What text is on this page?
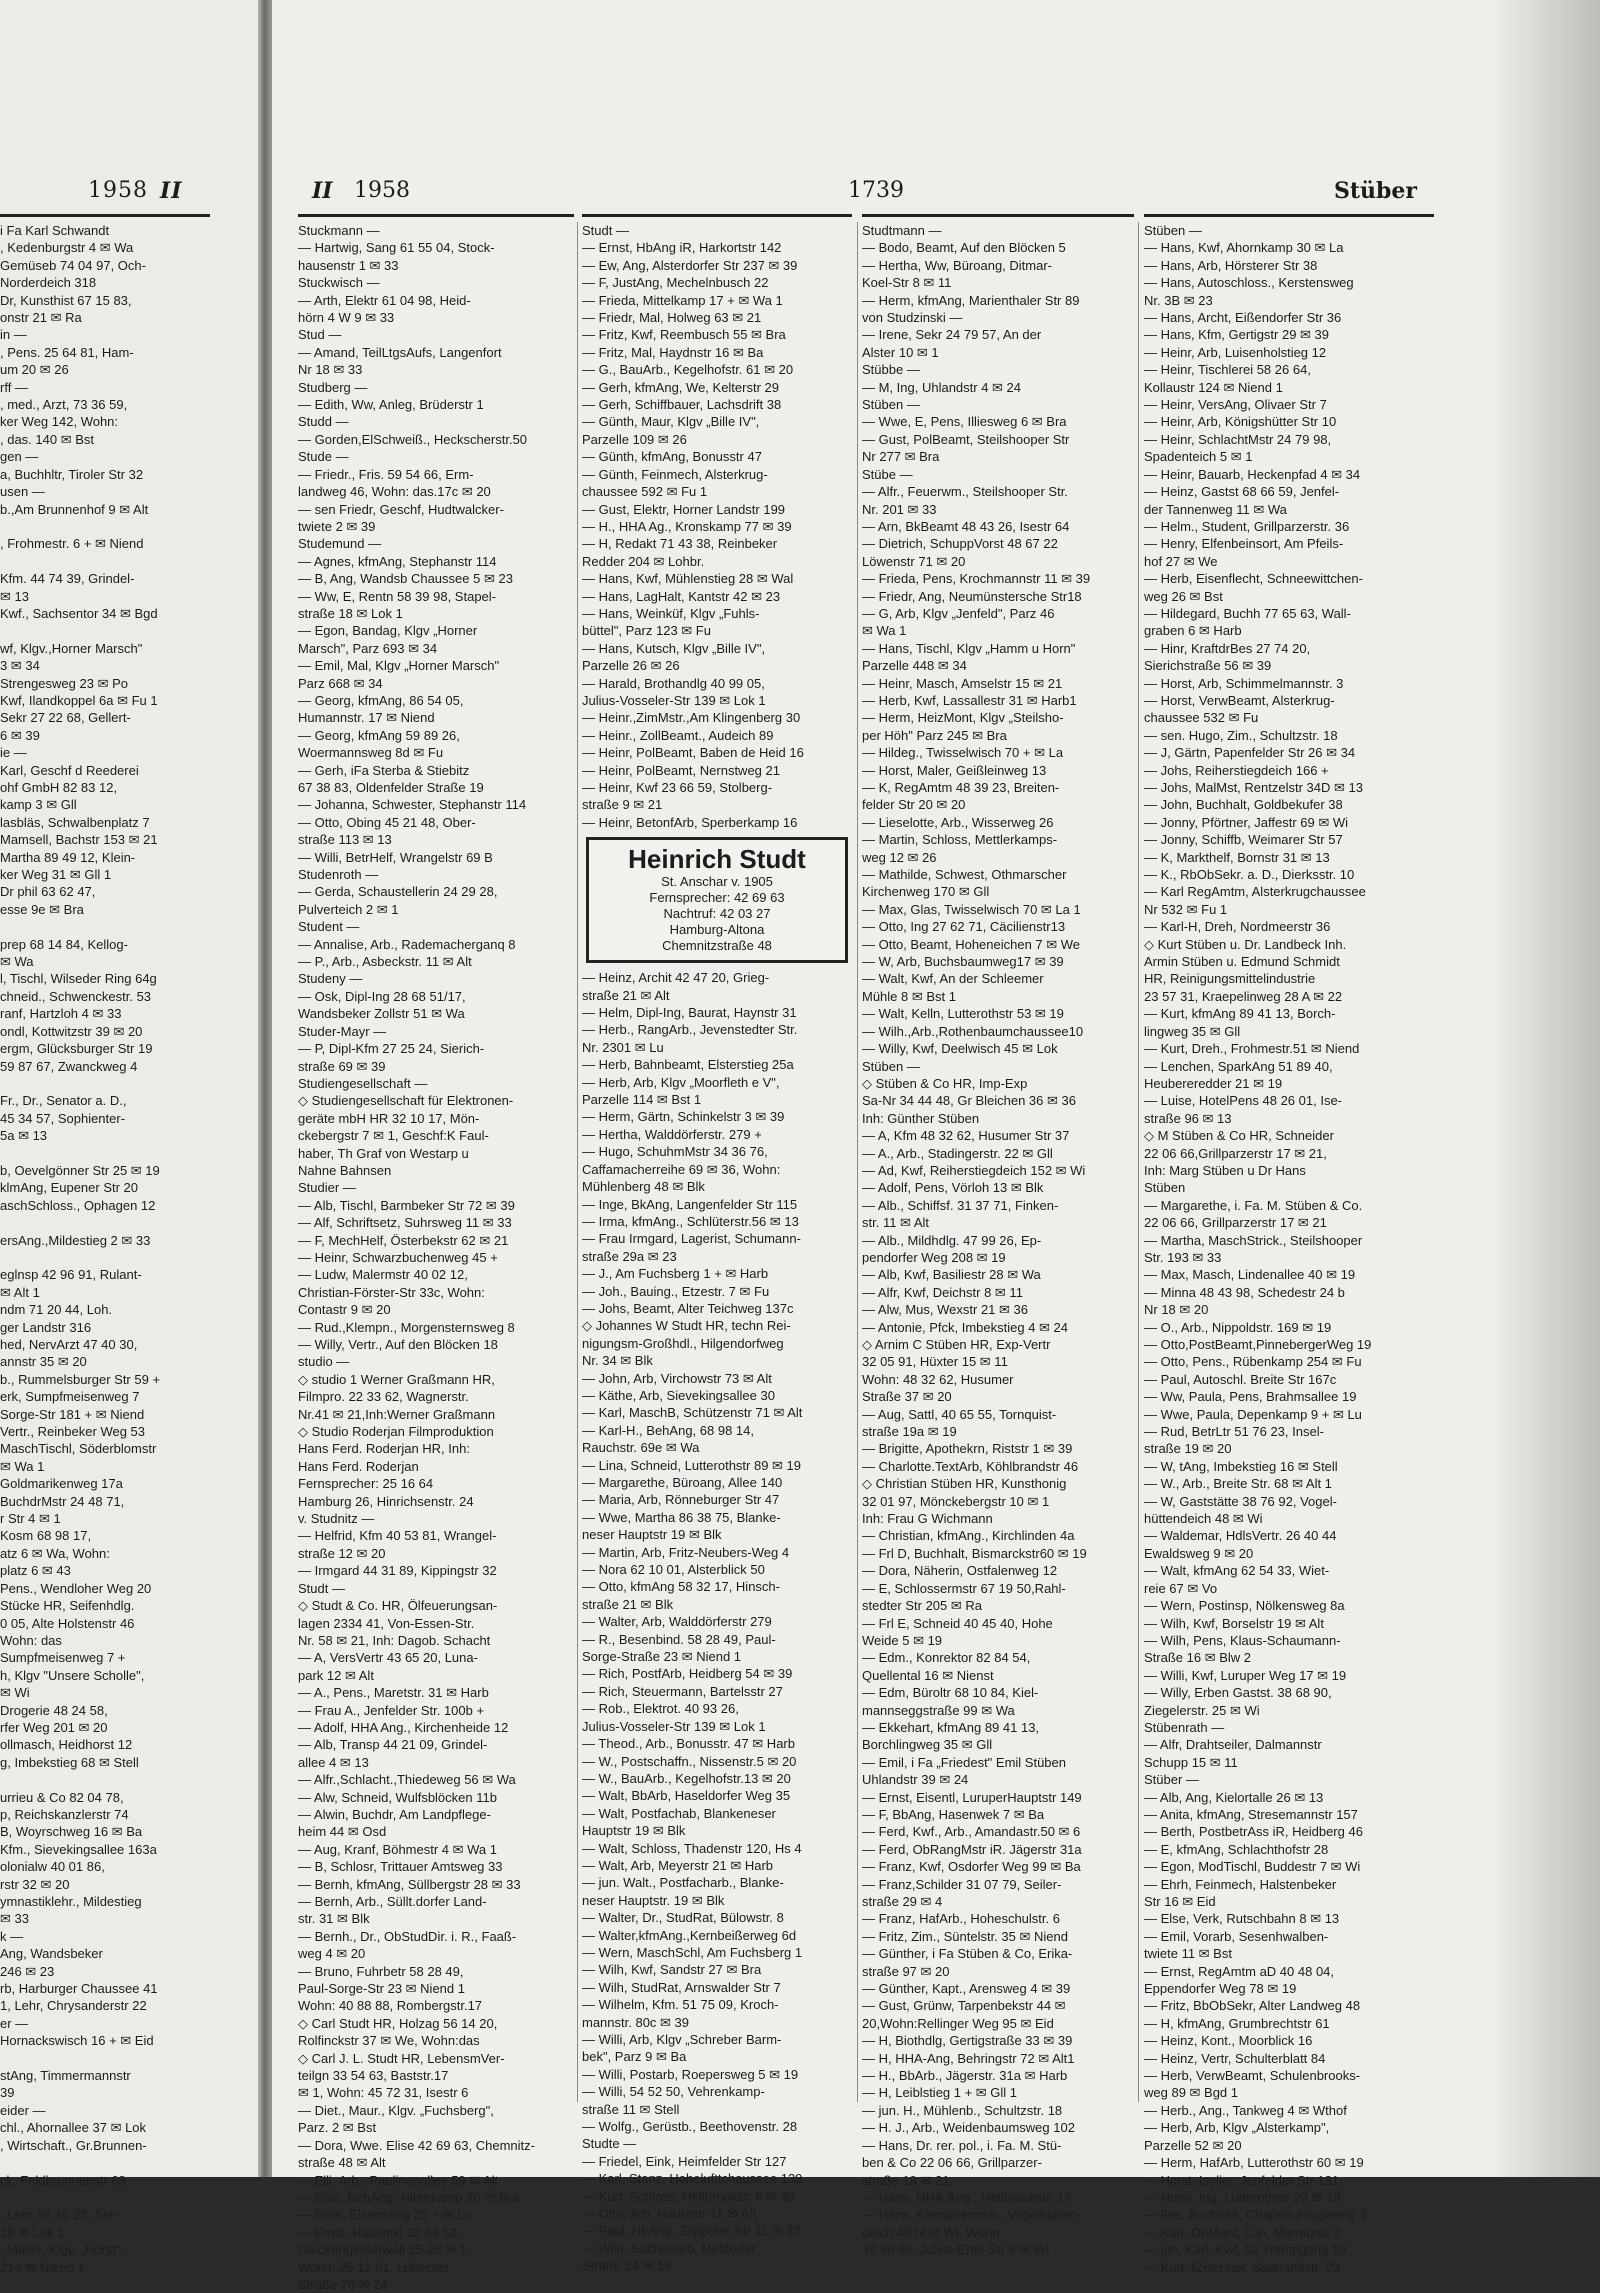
1958 II
i Fa Karl Schwandt
, Kedenburgstr 4 ✉ Wa
Gemüseb 74 04 97, Och-
Norderdeich 318
Dr, Kunsthist 67 15 83,
onstr 21 ✉ Ra
in —
, Pens. 25 64 81, Ham-
um 20 ✉ 26
rff —
, med., Arzt, 73 36 59,
ker Weg 142, Wohn:
, das. 140 ✉ Bst
gen —
a, Buchhltr, Tiroler Str 32
usen —
b.,Am Brunnenhof 9 ✉ Alt

, Frohmestr. 6 + ✉ Niend

Kfm. 44 74 39, Grindel-
✉ 13
Kwf., Sachsentor 34 ✉ Bgd

wf, Klgv.,Horner Marsch"
3 ✉ 34
Strengesweg 23 ✉ Po
Kwf, Ilandkoppel 6a ✉ Fu 1
Sekr 27 22 68, Gellert-
6 ✉ 39
ie —
Karl, Geschf d Reederei
ohf GmbH 82 83 12,
kamp 3 ✉ Gll
lasbläs, Schwalbenplatz 7
Mamsell, Bachstr 153 ✉ 21
Martha 89 49 12, Klein-
ker Weg 31 ✉ Gll 1
Dr phil 63 62 47,
esse 9e ✉ Bra

prep 68 14 84, Kellog-
✉ Wa
l, Tischl, Wilseder Ring 64g
chneid., Schwenckestr. 53
ranf, Hartzloh 4 ✉ 33
ondl, Kottwitzstr 39 ✉ 20
ergm, Glücksburger Str 19
59 87 67, Zwanckweg 4

Fr., Dr., Senator a. D.,
45 34 57, Sophienter-
5a ✉ 13

b, Oevelgönner Str 25 ✉ 19
klmAng, Eupener Str 20
aschSchloss., Ophagen 12

ersAng.,Mildestieg 2 ✉ 33

eglnsp 42 96 91, Rulant-
✉ Alt 1
ndm 71 20 44, Loh.
ger Landstr 316
hed, NervArzt 47 40 30,
annstr 35 ✉ 20
b., Rummelsburger Str 59 +
erk, Sumpfmeisenweg 7
Sorge-Str 181 + ✉ Niend
Vertr., Reinbeker Weg 53
MaschTischl, Söderblomstr
✉ Wa 1
Goldmarikenweg 17a
BuchdrMstr 24 48 71,
r Str 4 ✉ 1
Kosm 68 98 17,
atz 6 ✉ Wa, Wohn:
platz 6 ✉ 43
Pens., Wendloher Weg 20
Stücke HR, Seifenhdlg.
0 05, Alte Holstenstr 46
Wohn: das
Sumpfmeisenweg 7 +
h, Klgv "Unsere Scholle",
✉ Wi
Drogerie 48 24 58,
rfer Weg 201 ✉ 20
ollmasch, Heidhorst 12
g, Imbekstieg 68 ✉ Stell

urrieu & Co 82 04 78,
p, Reichskanzlerstr 74
B, Woyrschweg 16 ✉ Ba
Kfm., Sievekingsallee 163a
olonialw 40 01 86,
rstr 32 ✉ 20
ymnastiklehr., Mildestieg
✉ 33
k —
Ang, Wandsbeker
246 ✉ 23
rb, Harburger Chaussee 41
1, Lehr, Chrysanderstr 22
er —
Hornackswisch 16 + ✉ Eid

stAng, Timmermannstr
39
eider —
chl., Ahornallee 37 ✉ Lok
, Wirtschaft., Gr.Brunnen-

ck, Feldbrunnenstr 68

, Lehr 58 16 23, Sie-
18 ✉ Lok 1
, Müller, Klgv. „Horst",
214 ✉ Niend 1
II 1958	1739	Stüber
Stuckmann —
— Hartwig, Sang 61 55 04, Stock-
hausenstr 1 ✉ 33
Stuckwisch —
— Arth, Elektr 61 04 98, Heid-
hörn 4 W 9 ✉ 33
Stud —
— Amand, TeilLtgsAufs, Langenfort
Nr 18 ✉ 33
Studberg —
— Edith, Ww, Anleg, Brüderstr 1
Studd —
— Gorden,ElSchweiß., Heckscherstr.50
Stude —
— Friedr., Fris. 59 54 66, Erm-
landweg 46, Wohn: das.17c ✉ 20
— sen Friedr, Geschf, Hudtwalcker-
twiete 2 ✉ 39
Studemund —
— Agnes, kfmAng, Stephanstr 114
— B, Ang, Wandsb Chaussee 5 ✉ 23
— Ww, E, Rentn 58 39 98, Stapel-
straße 18 ✉ Lok 1
— Egon, Bandag, Klgv „Horner
Marsch", Parz 693 ✉ 34
— Emil, Mal, Klgv „Horner Marsch"
Parz 668 ✉ 34
— Georg, kfmAng, 86 54 05,
Humannstr. 17 ✉ Niend
— Georg, kfmAng 59 89 26,
Woermannsweg 8d ✉ Fu
— Gerh, iFa Sterba & Stiebitz
67 38 83, Oldenfelder Straße 19
— Johanna, Schwester, Stephanstr 114
— Otto, Obing 45 21 48, Ober-
straße 113 ✉ 13
— Willi, BetrHelf, Wrangelstr 69 B
Studenroth —
— Gerda, Schaustellerin 24 29 28,
Pulverteich 2 ✉ 1
Student —
— Annalise, Arb., Rademacherganq 8
— P., Arb., Asbeckstr. 11 ✉ Alt
Studeny —
— Osk, Dipl-Ing 28 68 51/17,
Wandsbeker Zollstr 51 ✉ Wa
Studer-Mayr —
— P, Dipl-Kfm 27 25 24, Sierich-
straße 69 ✉ 39
Studiengesellschaft —
◇ Studiengesellschaft für Elektronen-
geräte mbH HR 32 10 17, Mön-
ckebergstr 7 ✉ 1, Geschf:K Faul-
haber, Th Graf von Westarp u
Nahne Bahnsen
Studier —
— Alb, Tischl, Barmbeker Str 72 ✉ 39
— Alf, Schriftsetz, Suhrsweg 11 ✉ 33
— F, MechHelf, Österbekstr 62 ✉ 21
— Heinr, Schwarzbuchenweg 45 +
— Ludw, Malermstr 40 02 12,
Christian-Förster-Str 33c, Wohn:
Contastr 9 ✉ 20
— Rud.,Klempn., Morgensternsweg 8
— Willy, Vertr., Auf den Blöcken 18
studio —
◇ studio 1 Werner Graßmann HR,
Filmpro. 22 33 62, Wagnerstr.
Nr.41 ✉ 21,Inh:Werner Graßmann
◇ Studio Roderjan Filmproduktion
Hans Ferd. Roderjan HR, Inh:
Hans Ferd. Roderjan
Fernsprecher: 25 16 64
Hamburg 26, Hinrichsenstr. 24
v. Studnitz —
— Helfrid, Kfm 40 53 81, Wrangel-
straße 12 ✉ 20
— Irmgard 44 31 89, Kippingstr 32
Studt —
◇ Studt & Co. HR, Ölfeuerungsan-
lagen 2334 41, Von-Essen-Str.
Nr. 58 ✉ 21, Inh: Dagob. Schacht
— A, VersVertr 43 65 20, Luna-
park 12 ✉ Alt
— A., Pens., Maretstr. 31 ✉ Harb
— Frau A., Jenfelder Str. 100b +
— Adolf, HHA Ang., Kirchenheide 12
— Alb, Transp 44 21 09, Grindel-
allee 4 ✉ 13
— Alfr.,Schlacht.,Thiedeweg 56 ✉ Wa
— Alw, Schneid, Wulfsblöcken 11b
— Alwin, Buchdr, Am Landpflege-
heim 44 ✉ Osd
— Aug, Kranf, Böhmestr 4 ✉ Wa 1
— B, Schlosr, Trittauer Amtsweg 33
— Bernh, kfmAng, Süllbergstr 28 ✉ 33
— Bernh, Arb., Süllt.dorfer Land-
str. 31 ✉ Blk
— Bernh., Dr., ObStudDir. i. R., Faaß-
weg 4 ✉ 20
— Bruno, Fuhrbetr 58 28 49,
Paul-Sorge-Str 23 ✉ Niend 1
Wohn: 40 88 88, Rombergstr.17
◇ Carl Studt HR, Holzag 56 14 20,
Rolfinckstr 37 ✉ We, Wohn:das
◇ Carl J. L. Studt HR, LebensmVer-
teilgn 33 54 63, Baststr.17
✉ 1, Wohn: 45 72 31, Isestr 6
— Diet., Maur., Klgv. „Fuchsberg",
Parz. 2 ✉ Bst
— Dora, Wwe. Elise 42 69 63, Chemnitz-
straße 48 ✉ Alt
— Elli, Arb., Paulinenallee 59 ✉ Alt
— Else, BehAng, Hirsekamp 20 ✉ Bra
— Erna, Elsterstieg 25 + ✉ Lu
— Ernst, Hausmkl 32 63 52,
Glockengießerwall 25-26 ✉ 1,
Wohn: 25 12 81, Lübecker
Straße 76 ✉ 24
Studt —
— Ernst, HbAng iR, Harkortstr 142
— Ew, Ang, Alsterdorfer Str 237 ✉ 39
— F, JustAng, Mechelnbusch 22
— Frieda, Mittelkamp 17 + ✉ Wa 1
— Friedr, Mal, Holweg 63 ✉ 21
— Fritz, Kwf, Reembusch 55 ✉ Bra
— Fritz, Mal, Haydnstr 16 ✉ Ba
— G., BauArb., Kegelhofstr. 61 ✉ 20
— Gerh, kfmAng, We, Kelterstr 29
— Gerh, Schiffbauer, Lachsdrift 38
— Günth, Maur, Klgv „Bille IV",
Parzelle 109 ✉ 26
— Günth, kfmAng, Bonusstr 47
— Günth, Feinmech, Alsterkrug-
chaussee 592 ✉ Fu 1
— Gust, Elektr, Horner Landstr 199
— H., HHA Ag., Kronskamp 77 ✉ 39
— H, Redakt 71 43 38, Reinbeker
Redder 204 ✉ Lohbr.
— Hans, Kwf, Mühlenstieg 28 ✉ Wal
— Hans, LagHalt, Kantstr 42 ✉ 23
— Hans, Weinküf, Klgv „Fuhls-
büttel", Parz 123 ✉ Fu
— Hans, Kutsch, Klgv „Bille IV",
Parzelle 26 ✉ 26
— Harald, Brothandlg 40 99 05,
Julius-Vosseler-Str 139 ✉ Lok 1
— Heinr.,ZimMstr.,Am Klingenberg 30
— Heinr., ZollBeamt., Audeich 89
— Heinr, PolBeamt, Baben de Heid 16
— Heinr, PolBeamt, Nernstweg 21
— Heinr, Kwf 23 66 59, Stolberg-
straße 9 ✉ 21
— Heinr, BetonfArb, Sperberkamp 16
Heinrich Studt
St. Anschar v. 1905
Fernsprecher: 42 69 63
Nachtruf: 42 03 27
Hamburg-Altona
Chemnitzstraße 48
— Heinz, Archit 42 47 20, Grieg-
straße 21 ✉ Alt
— Helm, Dipl-Ing, Baurat, Haynstr 31
— Herb., RangArb., Jevenstedter Str.
Nr. 2301 ✉ Lu
— Herb, Bahnbeamt, Elsterstieg 25a
— Herb, Arb, Klgv „Moorfleth e V",
Parzelle 114 ✉ Bst 1
— Herm, Gärtn, Schinkelstr 3 ✉ 39
— Hertha, Walddörferstr. 279 +
— Hugo, SchuhmMstr 34 36 76,
Caffamacherreihe 69 ✉ 36, Wohn:
Mühlenberg 48 ✉ Blk
— Inge, BkAng, Langenfelder Str 115
— Irma, kfmAng., Schlüterstr.56 ✉ 13
— Frau Irmgard, Lagerist, Schumann-
straße 29a ✉ 23
— J., Am Fuchsberg 1 + ✉ Harb
— Joh., Bauing., Etzestr. 7 ✉ Fu
— Johs, Beamt, Alter Teichweg 137c
◇ Johannes W Studt HR, techn Rei-
nigungsm-Großhdl., Hilgendorfweg
Nr. 34 ✉ Blk
— John, Arb, Virchowstr 73 ✉ Alt
— Käthe, Arb, Sievekingsallee 30
— Karl, MaschB, Schützenstr 71 ✉ Alt
— Karl-H., BehAng, 68 98 14,
Rauchstr. 69e ✉ Wa
— Lina, Schneid, Lutterothstr 89 ✉ 19
— Margarethe, Büroang, Allee 140
— Maria, Arb, Rönneburger Str 47
— Wwe, Martha 86 38 75, Blanke-
neser Hauptstr 19 ✉ Blk
— Martin, Arb, Fritz-Neubers-Weg 4
— Nora 62 10 01, Alsterblick 50
— Otto, kfmAng 58 32 17, Hinsch-
straße 21 ✉ Blk
— Walter, Arb, Walddörferstr 279
— R., Besenbind. 58 28 49, Paul-
Sorge-Straße 23 ✉ Niend 1
— Rich, PostfArb, Heidberg 54 ✉ 39
— Rich, Steuermann, Bartelsstr 27
— Rob., Elektrot. 40 93 26,
Julius-Vosseler-Str 139 ✉ Lok 1
— Theod., Arb., Bonusstr. 47 ✉ Harb
— W., Postschaffn., Nissenstr.5 ✉ 20
— W., BauArb., Kegelhofstr.13 ✉ 20
— Walt, BbArb, Haseldorfer Weg 35
— Walt, Postfachab, Blankeneser
Hauptstr 19 ✉ Blk
— Walt, Schloss, Thadenstr 120, Hs 4
— Walt, Arb, Meyerstr 21 ✉ Harb
— jun. Walt., Postfacharb., Blanke-
neser Hauptstr. 19 ✉ Blk
— Walter, Dr., StudRat, Bülowstr. 8
— Walter,kfmAng.,Kernbeißerweg 6d
— Wern, MaschSchl, Am Fuchsberg 1
— Wilh, Kwf, Sandstr 27 ✉ Bra
— Wilh, StudRat, Arnswalder Str 7
— Wilhelm, Kfm. 51 75 09, Kroch-
mannstr. 80c ✉ 39
— Willi, Arb, Klgv „Schreber Barm-
bek", Parz 9 ✉ Ba
— Willi, Postarb, Roepersweg 5 ✉ 19
— Willi, 54 52 50, Vehrenkamp-
straße 11 ✉ Stell
— Wolfg., Gerüstb., Beethovenstr. 28
Studte —
— Friedel, Eink, Heimfelder Str 127
— Karl, Stanz, Hohelufttchaussee 139
— Kurt, Schloss, Hellbrookstr 6 ✉ 33
— Otto, Arb, Hauptstr 11 ✉ Alt
— Paul, HbAng, Zoppoter Str 11 ✉ 33
— Wilh, Sachbearb, Meldorfer
Straße 24 ✉ 19
Studtmann —
— Bodo, Beamt, Auf den Blöcken 5
— Hertha, Ww, Büroang, Ditmar-
Koel-Str 8 ✉ 11
— Herm, kfmAng, Marienthaler Str 89
von Studzinski —
— Irene, Sekr 24 79 57, An der
Alster 10 ✉ 1
Stübbe —
— M, Ing, Uhlandstr 4 ✉ 24
Stüben —
— Wwe, E, Pens, Illiesweg 6 ✉ Bra
— Gust, PolBeamt, Steilshooper Str
Nr 277 ✉ Bra
Stübe —
— Alfr., Feuerwm., Steilshooper Str.
Nr. 201 ✉ 33
— Arn, BkBeamt 48 43 26, Isestr 64
— Dietrich, SchuppVorst 48 67 22
Löwenstr 71 ✉ 20
— Frieda, Pens, Krochmannstr 11 ✉ 39
— Friedr, Ang, Neumünstersche Str18
— G, Arb, Klgv „Jenfeld", Parz 46
✉ Wa 1
— Hans, Tischl, Klgv „Hamm u Horn"
Parzelle 448 ✉ 34
— Heinr, Masch, Amselstr 15 ✉ 21
— Herb, Kwf, Lassallestr 31 ✉ Harb1
— Herm, HeizMont, Klgv „Steilsho-
per Höh" Parz 245 ✉ Bra
— Hildeg., Twisselwisch 70 + ✉ La
— Horst, Maler, Geißleinweg 13
— K, RegAmtm 48 39 23, Breiten-
felder Str 20 ✉ 20
— Lieselotte, Arb., Wisserweg 26
— Martin, Schloss, Mettlerkamps-
weg 12 ✉ 26
— Mathilde, Schwest, Othmarscher
Kirchenweg 170 ✉ Gll
— Max, Glas, Twisselwisch 70 ✉ La 1
— Otto, Ing 27 62 71, Cäcilienstr13
— Otto, Beamt, Hoheneichen 7 ✉ We
— W, Arb, Buchsbaumweg17 ✉ 39
— Walt, Kwf, An der Schleemer
Mühle 8 ✉ Bst 1
— Walt, Kelln, Lutterothstr 53 ✉ 19
— Wilh.,Arb.,Rothenbaumchaussee10
— Willy, Kwf, Deelwisch 45 ✉ Lok
Stüben —
◇ Stüben & Co HR, Imp-Exp
Sa-Nr 34 44 48, Gr Bleichen 36 ✉ 36
Inh: Günther Stüben
— A, Kfm 48 32 62, Husumer Str 37
— A., Arb., Stadingerstr. 22 ✉ Gll
— Ad, Kwf, Reiherstiegdeich 152 ✉ Wi
— Adolf, Pens, Vörloh 13 ✉ Blk
— Alb., Schiffsf. 31 37 71, Finken-
str. 11 ✉ Alt
— Alb., Mildhdlg. 47 99 26, Ep-
pendorfer Weg 208 ✉ 19
— Alb, Kwf, Basiliestr 28 ✉ Wa
— Alfr, Kwf, Deichstr 8 ✉ 11
— Alw, Mus, Wexstr 21 ✉ 36
— Antonie, Pfck, Imbekstieg 4 ✉ 24
◇ Arnim C Stüben HR, Exp-Vertr
32 05 91, Hüxter 15 ✉ 11
Wohn: 48 32 62, Husumer
Straße 37 ✉ 20
— Aug, Sattl, 40 65 55, Tornquist-
straße 19a ✉ 19
— Brigitte, Apothekrn, Riststr 1 ✉ 39
— Charlotte.TextArb, Köhlbrandstr 46
◇ Christian Stüben HR, Kunsthonig
32 01 97, Mönckebergstr 10 ✉ 1
Inh: Frau G Wichmann
— Christian, kfmAng., Kirchlinden 4a
— Frl D, Buchhalt, Bismarckstr60 ✉ 19
— Dora, Näherin, Ostfalenweg 12
— E, Schlossermstr 67 19 50,Rahl-
stedter Str 205 ✉ Ra
— Frl E, Schneid 40 45 40, Hohe
Weide 5 ✉ 19
— Edm., Konrektor 82 84 54,
Quellental 16 ✉ Nienst
— Edm, Büroltr 68 10 84, Kiel-
mannseggstraße 99 ✉ Wa
— Ekkehart, kfmAng 89 41 13,
Borchlingweg 35 ✉ Gll
— Emil, i Fa „Friedest" Emil Stüben
Uhlandstr 39 ✉ 24
— Ernst, Eisentl, LuruperHauptstr 149
— F, BbAng, Hasenwek 7 ✉ Ba
— Ferd, Kwf., Arb., Amandastr.50 ✉ 6
— Ferd, ObRangMstr iR. Jägerstr 31a
— Franz, Kwf, Osdorfer Weg 99 ✉ Ba
— Franz,Schilder 31 07 79, Seiler-
straße 29 ✉ 4
— Franz, HafArb., Hoheschulstr. 6
— Fritz, Zim., Süntelstr. 35 ✉ Niend
— Günther, i Fa Stüben & Co, Erika-
straße 97 ✉ 20
— Günther, Kapt., Arensweg 4 ✉ 39
— Gust, Grünw, Tarpenbekstr 44 ✉
20,Wohn:Rellinger Weg 95 ✉ Eid
— H, Biothdlg, Gertigstraße 33 ✉ 39
— H, HHA-Ang, Behringstr 72 ✉ Alt1
— H., BbArb., Jägerstr. 31a ✉ Harb
— H, Leiblstieg 1 + ✉ Gll 1
— jun. H., Mühlenb., Schultzstr. 18
— H. J., Arb., Weidenbaumsweg 102
— Hans, Dr. rer. pol., i. Fa. M. Stü-
ben & Co 22 06 66, Grillparzer-
straße 19 ✉ 21
— Hans, HHA.Ang., Hellbrookstr. 17
— Hans, Klempnermstr., Vogelhütten-
deich 48 ht ✉ Wi, Wohn:
38 86 96, Julius-Ertel-Str 8 ✉ Wi
Stüben —
— Hans, Kwf, Ahornkamp 30 ✉ La
— Hans, Arb, Hörsterer Str 38
— Hans, Autoschloss., Kerstensweg
Nr. 3B ✉ 23
— Hans, Archt, Eißendorfer Str 36
— Hans, Kfm, Gertigstr 29 ✉ 39
— Heinr, Arb, Luisenholstieg 12
— Heinr, Tischlerei 58 26 64,
Kollaustr 124 ✉ Niend 1
— Heinr, VersAng, Olivaer Str 7
— Heinr, Arb, Königshütter Str 10
— Heinr, SchlachtMstr 24 79 98,
Spadenteich 5 ✉ 1
— Heinr, Bauarb, Heckenpfad 4 ✉ 34
— Heinz, Gastst 68 66 59, Jenfel-
der Tannenweg 11 ✉ Wa
— Helm., Student, Grillparzerstr. 36
— Henry, Elfenbeinsort, Am Pfeils-
hof 27 ✉ We
— Herb, Eisenflecht, Schneewittchen-
weg 26 ✉ Bst
— Hildegard, Buchh 77 65 63, Wall-
graben 6 ✉ Harb
— Hinr, KraftdrBes 27 74 20,
Sierichstraße 56 ✉ 39
— Horst, Arb, Schimmelmannstr. 3
— Horst, VerwBeamt, Alsterkrug-
chaussee 532 ✉ Fu
— sen. Hugo, Zim., Schultzstr. 18
— J, Gärtn, Papenfelder Str 26 ✉ 34
— Johs, Reiherstiegdeich 166 +
— Johs, MalMst, Rentzelstr 34D ✉ 13
— John, Buchhalt, Goldbekufer 38
— Jonny, Pförtner, Jaffestr 69 ✉ Wi
— Jonny, Schiffb, Weimarer Str 57
— K, Markthelf, Bornstr 31 ✉ 13
— K., RbObSekr. a. D., Dierksstr. 10
— Karl RegAmtm, Alsterkrugchaussee
Nr 532 ✉ Fu 1
— Karl-H, Dreh, Nordmeerstr 36
◇ Kurt Stüben u. Dr. Landbeck Inh.
Armin Stüben u. Edmund Schmidt
HR, Reinigungsmittelindustrie
23 57 31, Kraepelinweg 28 A ✉ 22
— Kurt, kfmAng 89 41 13, Borch-
lingweg 35 ✉ Gll
— Kurt, Dreh., Frohmestr.51 ✉ Niend
— Lenchen, SparkAng 51 89 40,
Heubereredder 21 ✉ 19
— Luise, HotelPens 48 26 01, Ise-
straße 96 ✉ 13
◇ M Stüben & Co HR, Schneider
22 06 66,Grillparzerstr 17 ✉ 21,
Inh: Marg Stüben u Dr Hans
Stüben
— Margarethe, i. Fa. M. Stüben & Co.
22 06 66, Grillparzerstr 17 ✉ 21
— Martha, MaschStrick., Steilshooper
Str. 193 ✉ 33
— Max, Masch, Lindenallee 40 ✉ 19
— Minna 48 43 98, Schedestr 24 b
Nr 18 ✉ 20
— O., Arb., Nippoldstr. 169 ✉ 19
— Otto,PostBeamt,PinnebergerWeg 19
— Otto, Pens., Rübenkamp 254 ✉ Fu
— Paul, Autoschl. Breite Str 167c
— Ww, Paula, Pens, Brahmsallee 19
— Wwe, Paula, Depenkamp 9 + ✉ Lu
— Rud, BetrLtr 51 76 23, Insel-
straße 19 ✉ 20
— W, tAng, Imbekstieg 16 ✉ Stell
— W., Arb., Breite Str. 68 ✉ Alt 1
— W, Gaststätte 38 76 92, Vogel-
hüttendeich 48 ✉ Wi
— Waldemar, HdlsVertr. 26 40 44
Ewaldsweg 9 ✉ 20
— Walt, kfmAng 62 54 33, Wiet-
reie 67 ✉ Vo
— Wern, Postinsp, Nölkensweg 8a
— Wilh, Kwf, Borselstr 19 ✉ Alt
— Wilh, Pens, Klaus-Schaumann-
Straße 16 ✉ Blw 2
— Willi, Kwf, Luruper Weg 17 ✉ 19
— Willy, Erben Gastst. 38 68 90,
Ziegelerstr. 25 ✉ Wi
Stübenrath —
— Alfr, Drahtseiler, Dalmannstr
Schupp 15 ✉ 11
Stüber —
— Alb, Ang, Kielortalle 26 ✉ 13
— Anita, kfmAng, Stresemannstr 157
— Berth, PostbetrAss iR, Heidberg 46
— E, kfmAng, Schlachthofstr 28
— Egon, ModTischl, Buddestr 7 ✉ Wi
— Ehrh, Feinmech, Halstenbeker
Str 16 ✉ Eid
— Else, Verk, Rutschbahn 8 ✉ 13
— Emil, Vorarb, Sesenhwalben-
twiete 11 ✉ Bst
— Ernst, RegAmtm aD 40 48 04,
Eppendorfer Weg 78 ✉ 19
— Fritz, BbObSekr, Alter Landweg 48
— H, kfmAng, Grumbrechtstr 61
— Heinz, Kont., Moorblick 16
— Heinz, Vertr, Schulterblatt 84
— Herb, VerwBeamt, Schulenbrooks-
weg 89 ✉ Bgd 1
— Herb., Ang., Tankweg 4 ✉ Wthof
— Herb, Arb, Klgv „Alsterkamp",
Parzelle 52 ✉ 20
— Herm, HafArb, Lutterothstr 60 ✉ 19
— Horst, Isolier, Jenfelder Str 131
— Horst, Ing, Lutterothstr 29 ✉ 19
— Ilse, Buchhalt, Chapeaurougeweg 3
— Karl, ObMont, Loh, Marnitzstr 2
— jun, Karl, Kwf, Gr Trampgang 19
— Kurt, tZeichner, Saarlandstr. 23
